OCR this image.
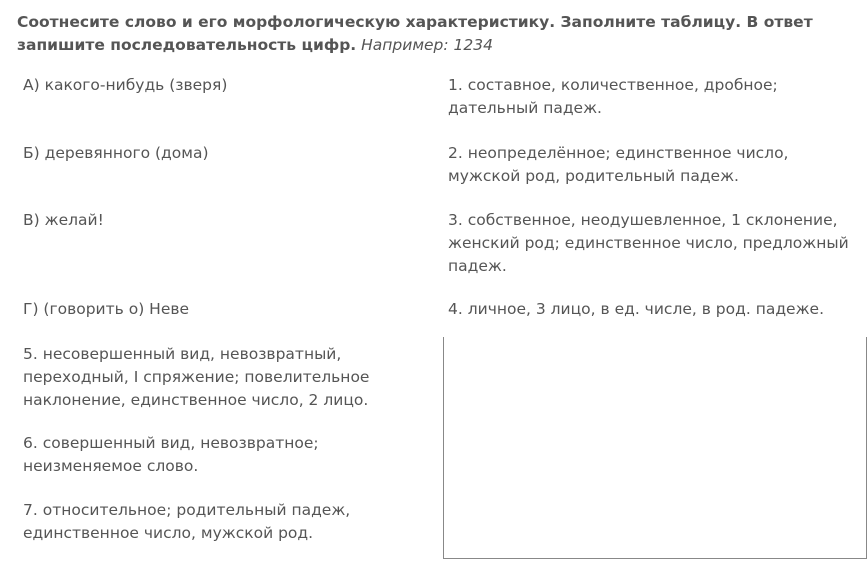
Соотнесите слово и его морфологическую характеристику. Заполните таблицу. В ответ запишите последовательность цифр. Например: 1234
А) какого-нибудь (зверя)
Б) деревянного (дома)
В) желай!
Г) (говорить о) Неве
1. составное, количественное, дробное; дательный падеж.
2. неопределённое; единственное число, мужской род, родительный падеж.
3. собственное, неодушевленное, 1 склонение, женский род; единственное число, предложный падеж.
4. личное, 3 лицо, в ед. числе, в род. падеже.
5. несовершенный вид, невозвратный, переходный, I спряжение; повелительное наклонение, единственное число, 2 лицо.
6. совершенный вид, невозвратное; неизменяемое слово.
7. относительное; родительный падеж, единственное число, мужской род.
